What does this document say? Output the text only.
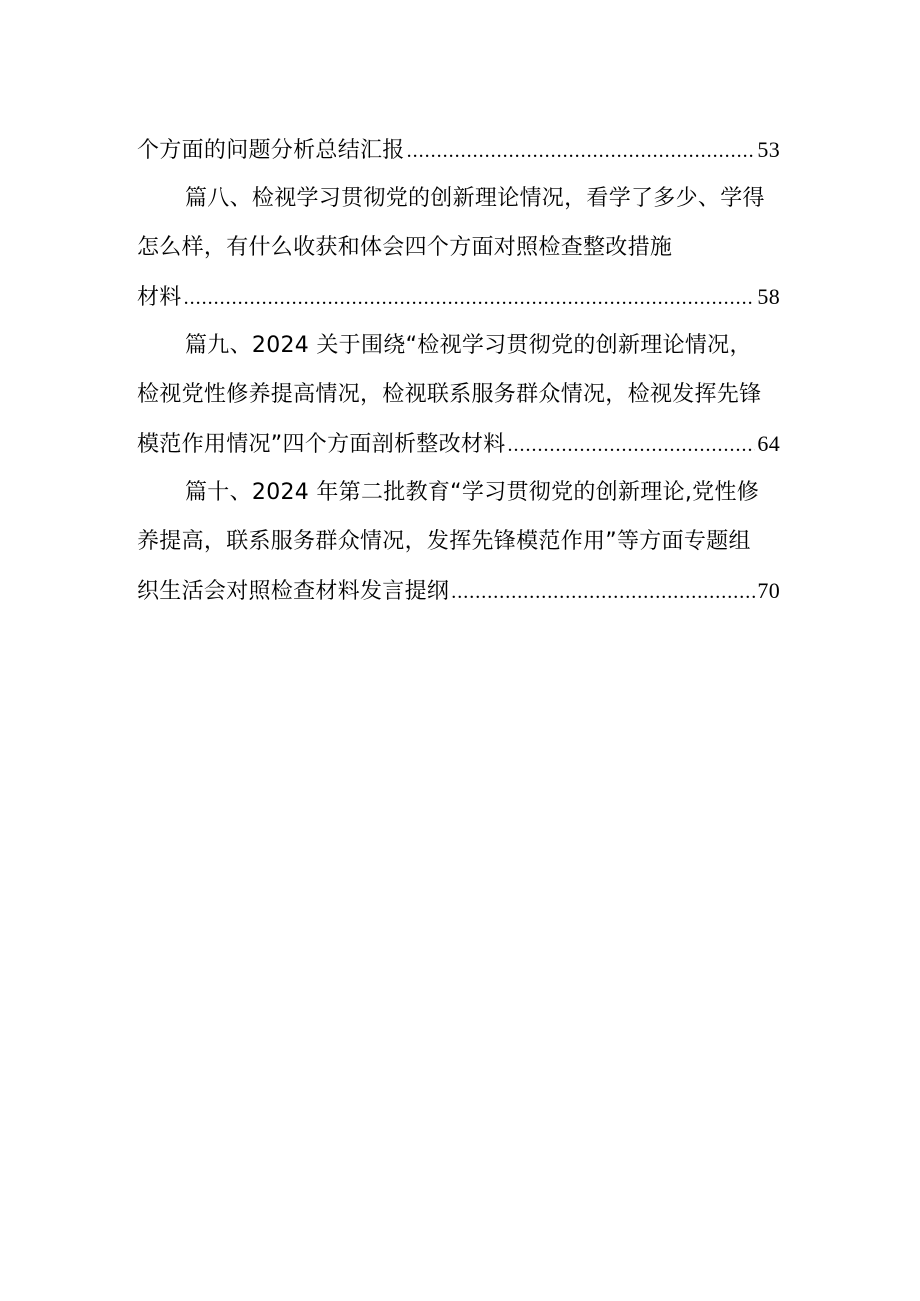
个方面的问题分析总结汇报 .....	53
篇八、检视学习贯彻党的创新理论情况，看学了多少、学得
怎么样，有什么收获和体会四个方面对照检查整改措施
材料 .....	58
篇九、2024 关于围绕“检视学习贯彻党的创新理论情况，
检视党性修养提高情况，检视联系服务群众情况，检视发挥先锋
模范作用情况”四个方面剖析整改材料 .....	64
篇十、2024 年第二批教育“学习贯彻党的创新理论,党性修
养提高，联系服务群众情况，发挥先锋模范作用”等方面专题组
织生活会对照检查材料发言提纲 .....	70
